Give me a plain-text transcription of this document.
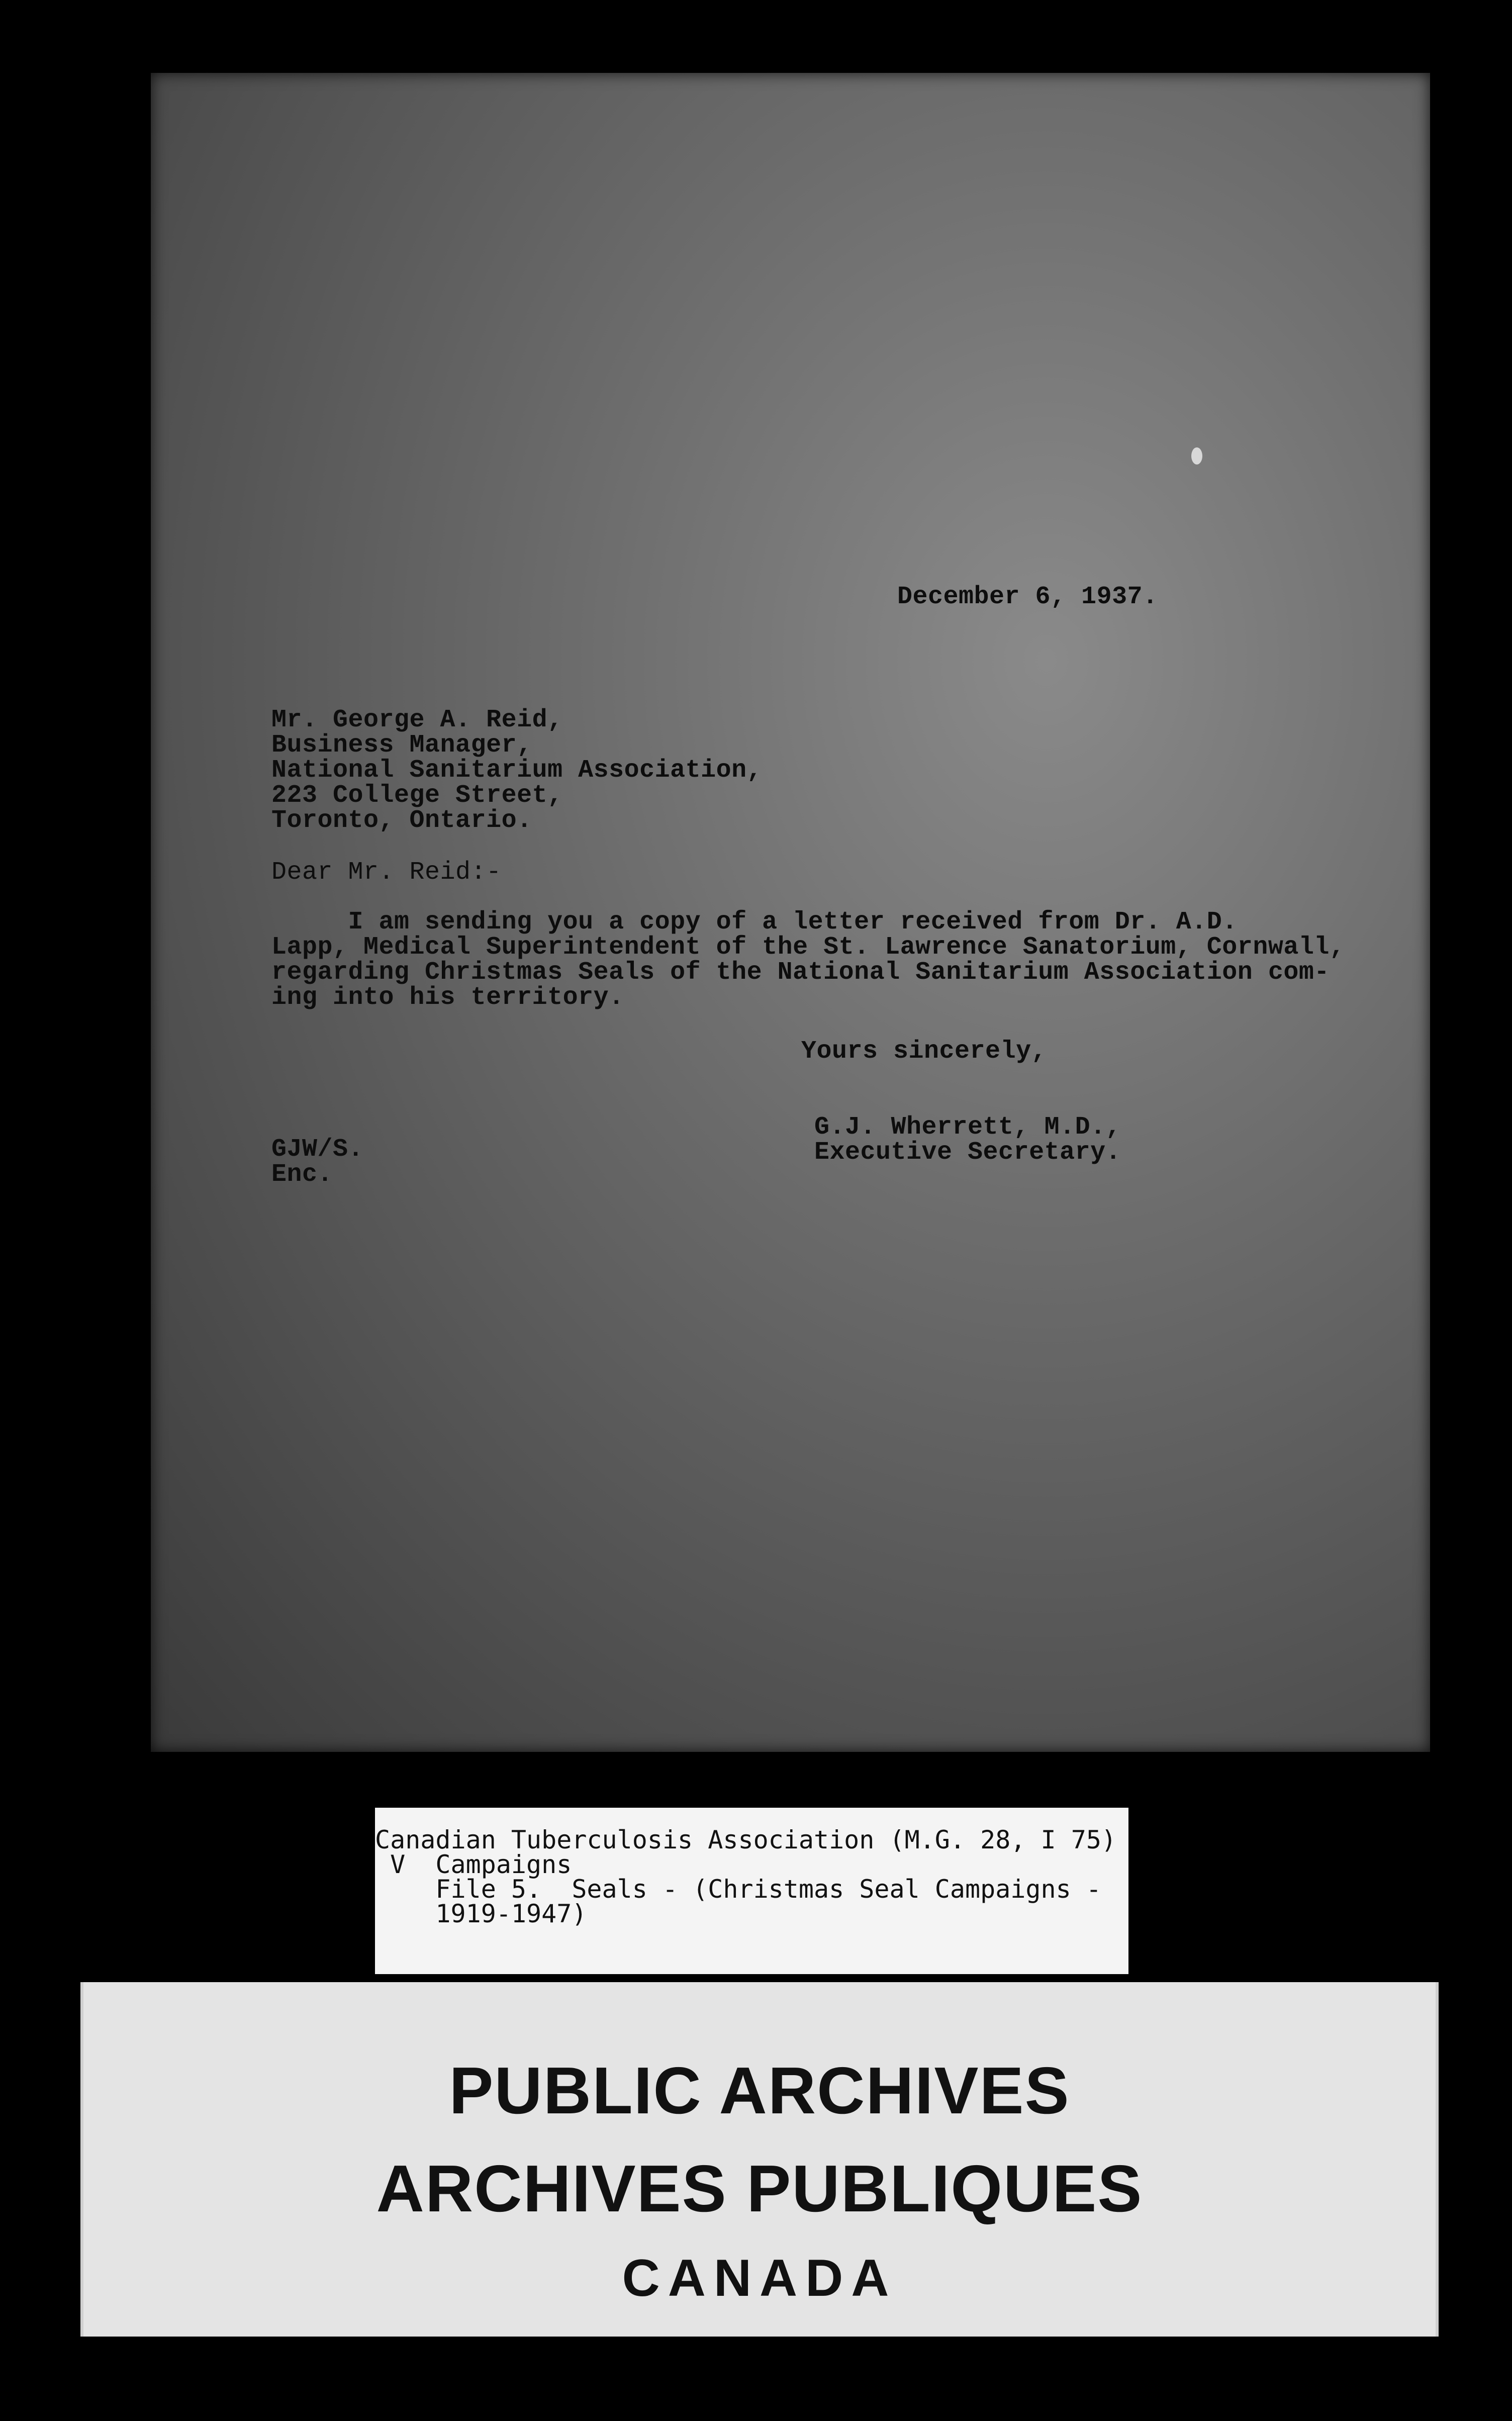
December 6, 1937.
Mr. George A. Reid,
Business Manager,
National Sanitarium Association,
223 College Street,
Toronto, Ontario.
Dear Mr. Reid:-
I am sending you a copy of a letter received from Dr. A.D.
Lapp, Medical Superintendent of the St. Lawrence Sanatorium, Cornwall,
regarding Christmas Seals of the National Sanitarium Association com-
ing into his territory.
Yours sincerely,
G.J. Wherrett, M.D.,
Executive Secretary.
GJW/S.
Enc.
Canadian Tuberculosis Association (M.G. 28, I 75)
V  Campaigns
File 5.  Seals - (Christmas Seal Campaigns -
1919-1947)
PUBLIC ARCHIVES
ARCHIVES PUBLIQUES
CANADA
